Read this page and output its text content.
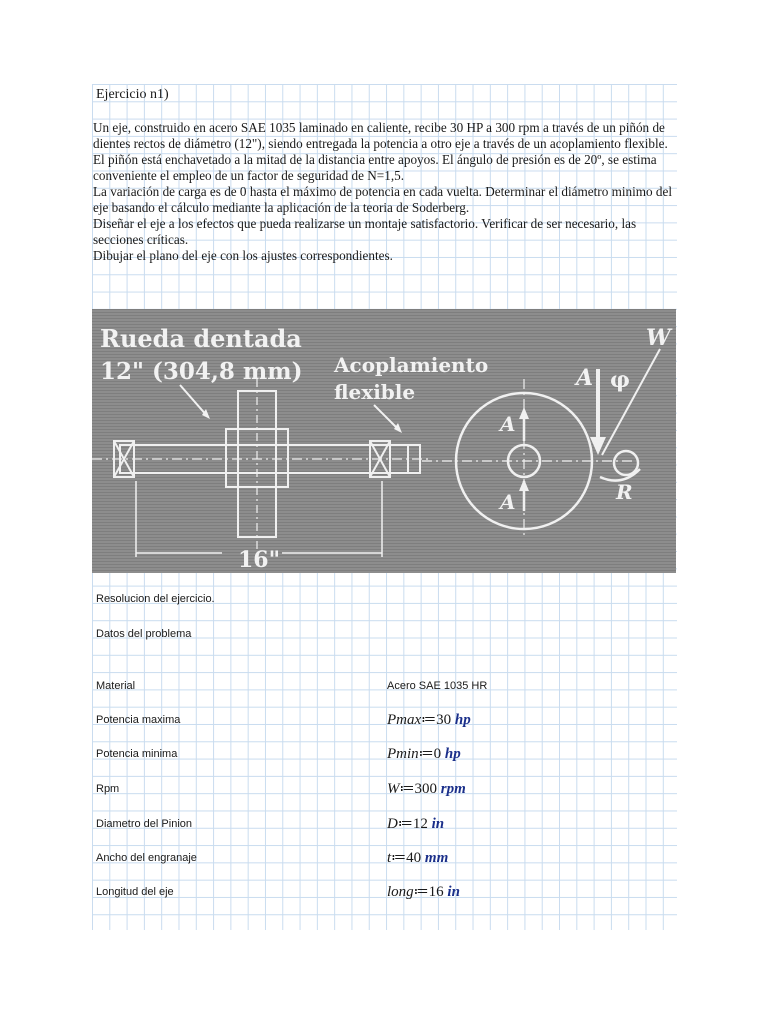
Ejercicio n1)

Un eje, construido en acero SAE 1035 laminado en caliente, recibe 30 HP a 300 rpm a través de un piñón de dientes rectos de diámetro (12"), siendo entregada la potencia a otro eje a través de un acoplamiento flexible. El piñón está enchavetado a la mitad de la distancia entre apoyos. El ángulo de presión es de 20º, se estima conveniente el empleo de un factor de seguridad de N=1,5.

La variación de carga es de 0 hasta el máximo de potencia en cada vuelta. Determinar el diámetro minimo del eje basando el cálculo mediante la aplicación de la teoria de Soderberg.

Diseñar el eje a los efectos que pueda realizarse un montaje satisfactorio. Verificar de ser necesario, las secciones críticas.

Dibujar el plano del eje con los ajustes correspondientes.

Rueda dentada
12" (304,8 mm) Acoplamiento
flexible
16"
A
A
A φ
W
R
Resolucion del ejercicio.
Datos del problema
Material	Acero SAE 1035 HR
Potencia maxima	Pmax≔30 hp
Potencia minima	Pmin≔0 hp
Rpm	W≔300 rpm
Diametro del Pinion	D≔12 in
Ancho del engranaje	t≔40 mm
Longitud del eje	long≔16 in
